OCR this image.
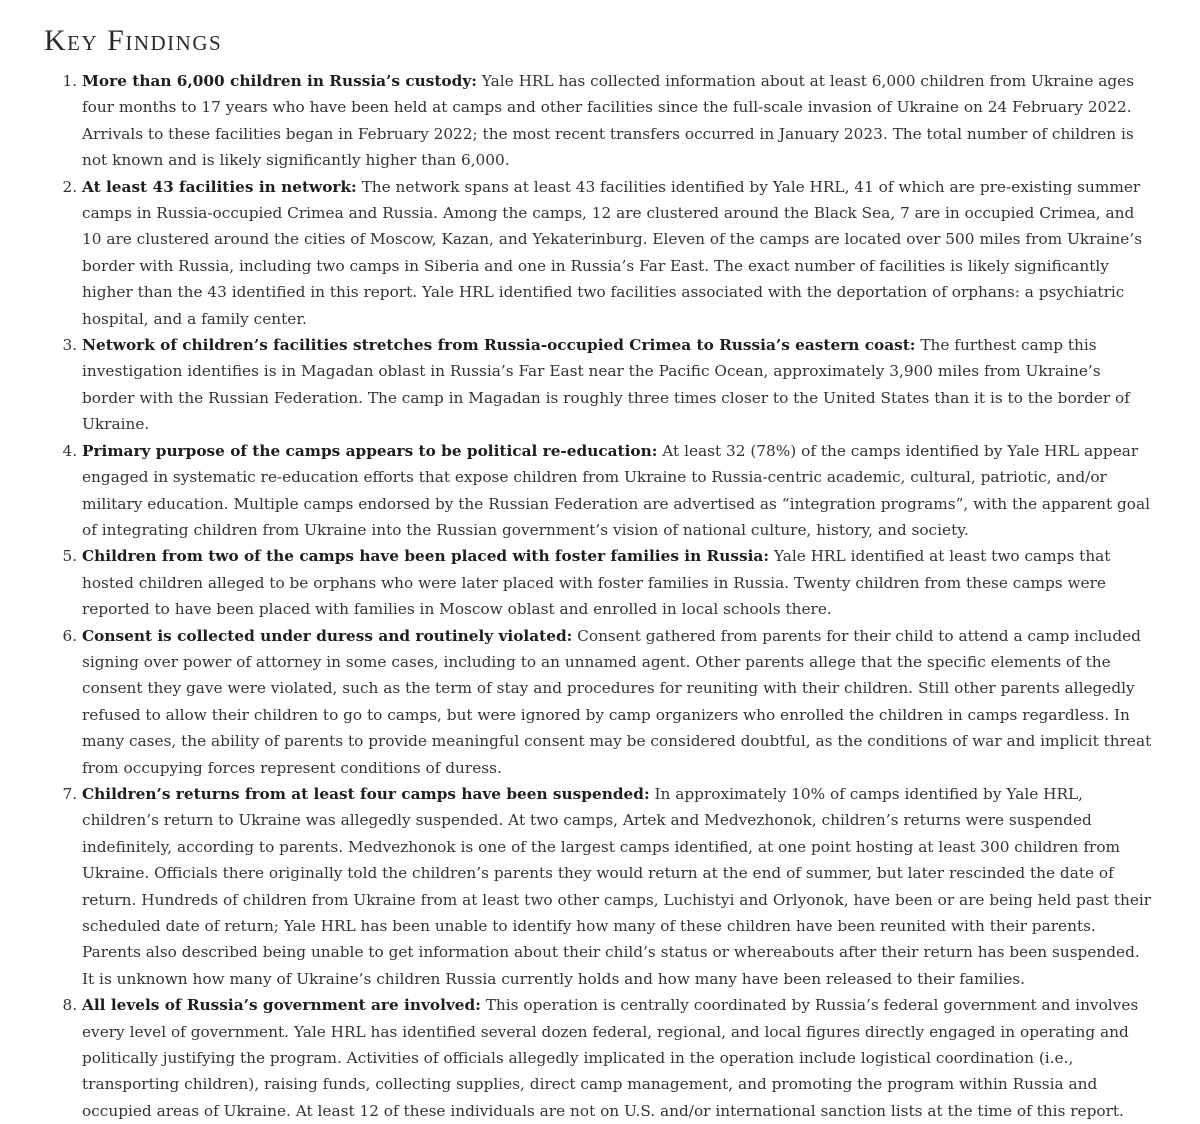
Key Findings
1. More than 6,000 children in Russia’s custody: Yale HRL has collected information about at least 6,000 children from Ukraine ages four months to 17 years who have been held at camps and other facilities since the full-scale invasion of Ukraine on 24 February 2022. Arrivals to these facilities began in February 2022; the most recent transfers occurred in January 2023. The total number of children is not known and is likely significantly higher than 6,000.
2. At least 43 facilities in network: The network spans at least 43 facilities identified by Yale HRL, 41 of which are pre-existing summer camps in Russia-occupied Crimea and Russia. Among the camps, 12 are clustered around the Black Sea, 7 are in occupied Crimea, and 10 are clustered around the cities of Moscow, Kazan, and Yekaterinburg. Eleven of the camps are located over 500 miles from Ukraine’s border with Russia, including two camps in Siberia and one in Russia’s Far East. The exact number of facilities is likely significantly higher than the 43 identified in this report. Yale HRL identified two facilities associated with the deportation of orphans: a psychiatric hospital, and a family center.
3. Network of children’s facilities stretches from Russia-occupied Crimea to Russia’s eastern coast: The furthest camp this investigation identifies is in Magadan oblast in Russia’s Far East near the Pacific Ocean, approximately 3,900 miles from Ukraine’s border with the Russian Federation. The camp in Magadan is roughly three times closer to the United States than it is to the border of Ukraine.
4. Primary purpose of the camps appears to be political re-education: At least 32 (78%) of the camps identified by Yale HRL appear engaged in systematic re-education efforts that expose children from Ukraine to Russia-centric academic, cultural, patriotic, and/or military education. Multiple camps endorsed by the Russian Federation are advertised as “integration programs”, with the apparent goal of integrating children from Ukraine into the Russian government’s vision of national culture, history, and society.
5. Children from two of the camps have been placed with foster families in Russia: Yale HRL identified at least two camps that hosted children alleged to be orphans who were later placed with foster families in Russia. Twenty children from these camps were reported to have been placed with families in Moscow oblast and enrolled in local schools there.
6. Consent is collected under duress and routinely violated: Consent gathered from parents for their child to attend a camp included signing over power of attorney in some cases, including to an unnamed agent. Other parents allege that the specific elements of the consent they gave were violated, such as the term of stay and procedures for reuniting with their children. Still other parents allegedly refused to allow their children to go to camps, but were ignored by camp organizers who enrolled the children in camps regardless. In many cases, the ability of parents to provide meaningful consent may be considered doubtful, as the conditions of war and implicit threat from occupying forces represent conditions of duress.
7. Children’s returns from at least four camps have been suspended: In approximately 10% of camps identified by Yale HRL, children’s return to Ukraine was allegedly suspended. At two camps, Artek and Medvezhonok, children’s returns were suspended indefinitely, according to parents. Medvezhonok is one of the largest camps identified, at one point hosting at least 300 children from Ukraine. Officials there originally told the children’s parents they would return at the end of summer, but later rescinded the date of return. Hundreds of children from Ukraine from at least two other camps, Luchistyi and Orlyonok, have been or are being held past their scheduled date of return; Yale HRL has been unable to identify how many of these children have been reunited with their parents. Parents also described being unable to get information about their child’s status or whereabouts after their return has been suspended. It is unknown how many of Ukraine’s children Russia currently holds and how many have been released to their families.
8. All levels of Russia’s government are involved: This operation is centrally coordinated by Russia’s federal government and involves every level of government. Yale HRL has identified several dozen federal, regional, and local figures directly engaged in operating and politically justifying the program. Activities of officials allegedly implicated in the operation include logistical coordination (i.e., transporting children), raising funds, collecting supplies, direct camp management, and promoting the program within Russia and occupied areas of Ukraine. At least 12 of these individuals are not on U.S. and/or international sanction lists at the time of this report.
